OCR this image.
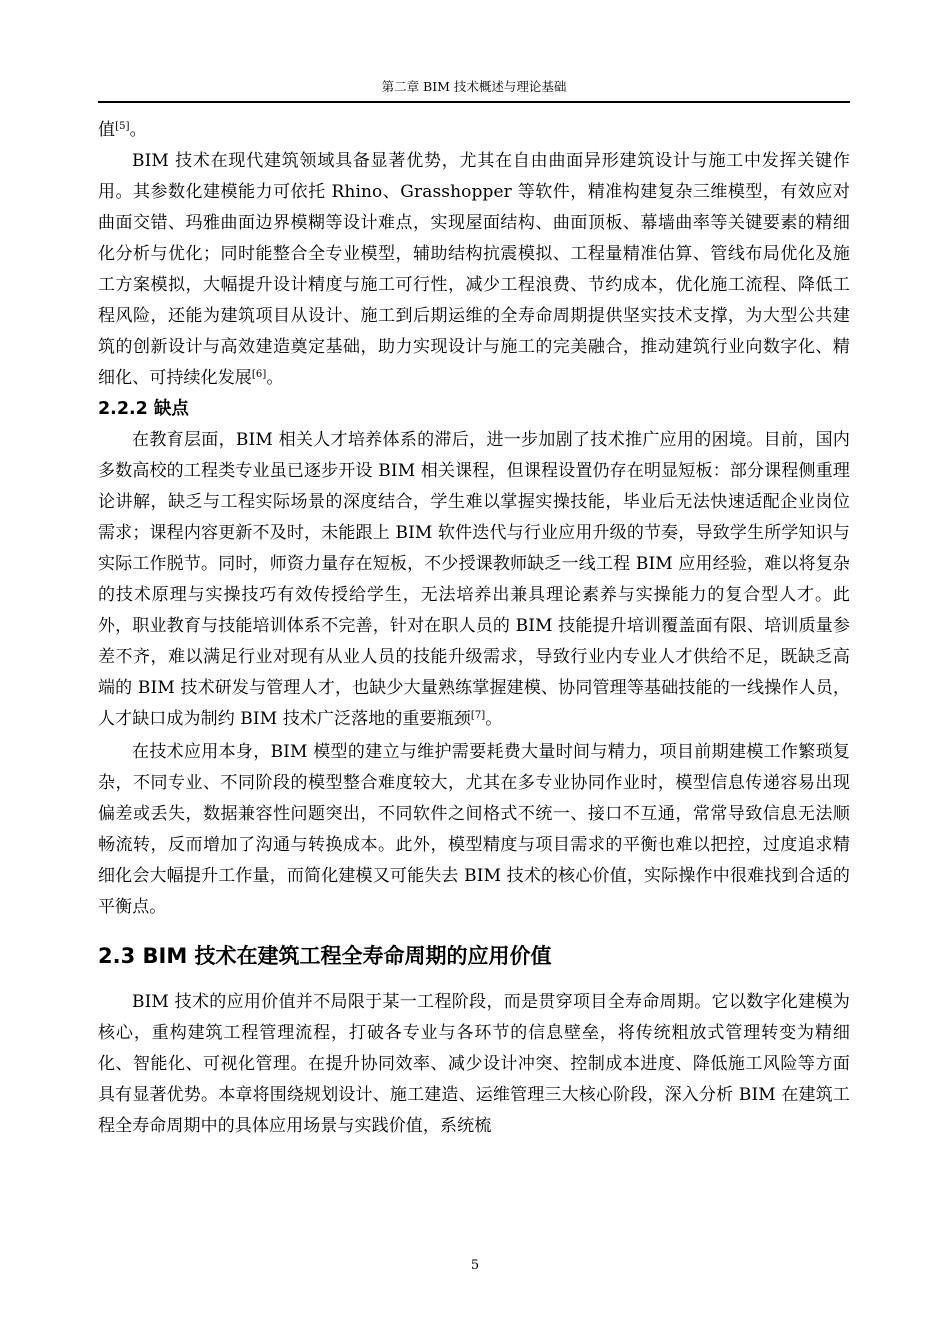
第二章 BIM 技术概述与理论基础

值[5]。

BIM 技术在现代建筑领域具备显著优势，尤其在自由曲面异形建筑设计与施工中发挥关键作用。其参数化建模能力可依托 Rhino、Grasshopper 等软件，精准构建复杂三维模型，有效应对曲面交错、玛雅曲面边界模糊等设计难点，实现屋面结构、曲面顶板、幕墙曲率等关键要素的精细化分析与优化；同时能整合全专业模型，辅助结构抗震模拟、工程量精准估算、管线布局优化及施工方案模拟，大幅提升设计精度与施工可行性，减少工程浪费、节约成本，优化施工流程、降低工程风险，还能为建筑项目从设计、施工到后期运维的全寿命周期提供坚实技术支撑，为大型公共建筑的创新设计与高效建造奠定基础，助力实现设计与施工的完美融合，推动建筑行业向数字化、精细化、可持续化发展[6]。

2.2.2 缺点

在教育层面，BIM 相关人才培养体系的滞后，进一步加剧了技术推广应用的困境。目前，国内多数高校的工程类专业虽已逐步开设 BIM 相关课程，但课程设置仍存在明显短板：部分课程侧重理论讲解，缺乏与工程实际场景的深度结合，学生难以掌握实操技能，毕业后无法快速适配企业岗位需求；课程内容更新不及时，未能跟上 BIM 软件迭代与行业应用升级的节奏，导致学生所学知识与实际工作脱节。同时，师资力量存在短板，不少授课教师缺乏一线工程 BIM 应用经验，难以将复杂的技术原理与实操技巧有效传授给学生，无法培养出兼具理论素养与实操能力的复合型人才。此外，职业教育与技能培训体系不完善，针对在职人员的 BIM 技能提升培训覆盖面有限、培训质量参差不齐，难以满足行业对现有从业人员的技能升级需求，导致行业内专业人才供给不足，既缺乏高端的 BIM 技术研发与管理人才，也缺少大量熟练掌握建模、协同管理等基础技能的一线操作人员，人才缺口成为制约 BIM 技术广泛落地的重要瓶颈[7]。

在技术应用本身，BIM 模型的建立与维护需要耗费大量时间与精力，项目前期建模工作繁琐复杂，不同专业、不同阶段的模型整合难度较大，尤其在多专业协同作业时，模型信息传递容易出现偏差或丢失，数据兼容性问题突出，不同软件之间格式不统一、接口不互通，常常导致信息无法顺畅流转，反而增加了沟通与转换成本。此外，模型精度与项目需求的平衡也难以把控，过度追求精细化会大幅提升工作量，而简化建模又可能失去 BIM 技术的核心价值，实际操作中很难找到合适的平衡点。

2.3 BIM 技术在建筑工程全寿命周期的应用价值

BIM 技术的应用价值并不局限于某一工程阶段，而是贯穿项目全寿命周期。它以数字化建模为核心，重构建筑工程管理流程，打破各专业与各环节的信息壁垒，将传统粗放式管理转变为精细化、智能化、可视化管理。在提升协同效率、减少设计冲突、控制成本进度、降低施工风险等方面具有显著优势。本章将围绕规划设计、施工建造、运维管理三大核心阶段，深入分析 BIM 在建筑工程全寿命周期中的具体应用场景与实践价值，系统梳

5
